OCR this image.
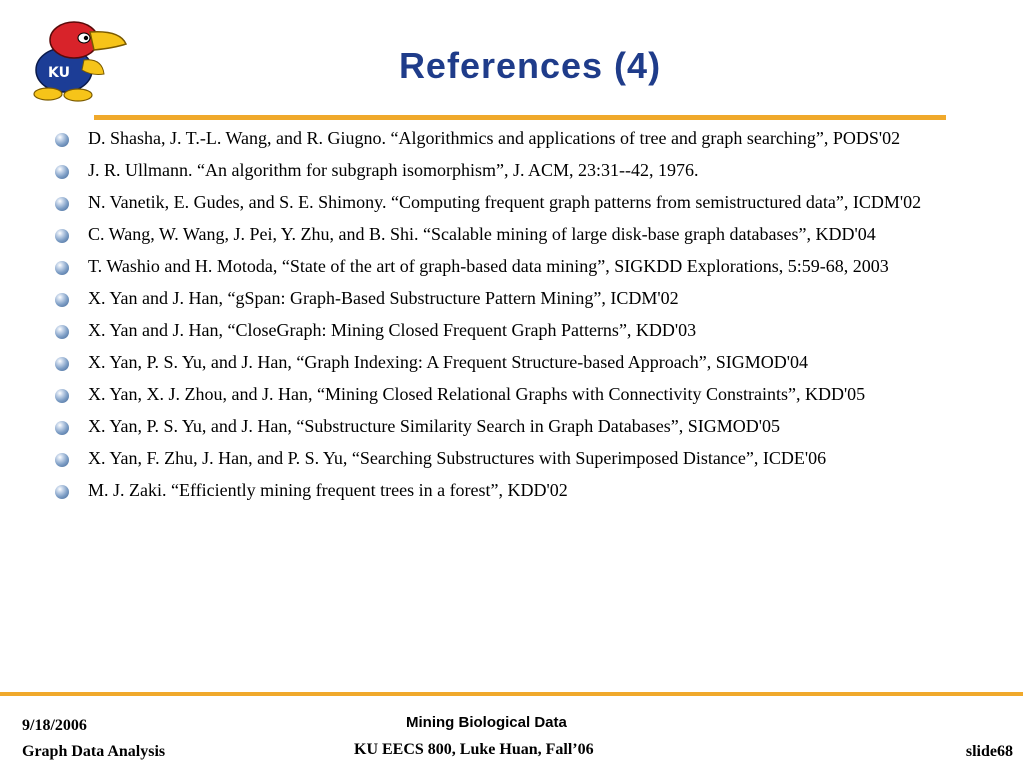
KU	References (4)
D. Shasha, J. T.-L. Wang, and R. Giugno. “Algorithmics and applications of tree and graph searching”, PODS'02
J. R. Ullmann. “An algorithm for subgraph isomorphism”, J. ACM, 23:31--42, 1976.
N. Vanetik, E. Gudes, and S. E. Shimony. “Computing frequent graph patterns from semistructured data”, ICDM'02
C. Wang, W. Wang, J. Pei, Y. Zhu, and B. Shi. “Scalable mining of large disk-base graph databases”, KDD'04
T. Washio and H. Motoda, “State of the art of graph-based data mining”, SIGKDD Explorations, 5:59-68, 2003
X. Yan and J. Han, “gSpan: Graph-Based Substructure Pattern Mining”, ICDM'02
X. Yan and J. Han, “CloseGraph: Mining Closed Frequent Graph Patterns”, KDD'03
X. Yan, P. S. Yu, and J. Han, “Graph Indexing: A Frequent Structure-based Approach”, SIGMOD'04
X. Yan, X. J. Zhou, and J. Han, “Mining Closed Relational Graphs with Connectivity Constraints”, KDD'05
X. Yan, P. S. Yu, and J. Han, “Substructure Similarity Search in Graph Databases”, SIGMOD'05
X. Yan, F. Zhu, J. Han, and P. S. Yu, “Searching Substructures with Superimposed Distance”, ICDE'06
M. J. Zaki. “Efficiently mining frequent trees in a forest”, KDD'02
9/18/2006
Graph Data Analysis
Mining Biological Data
KU EECS 800, Luke Huan, Fall’06	slide68
